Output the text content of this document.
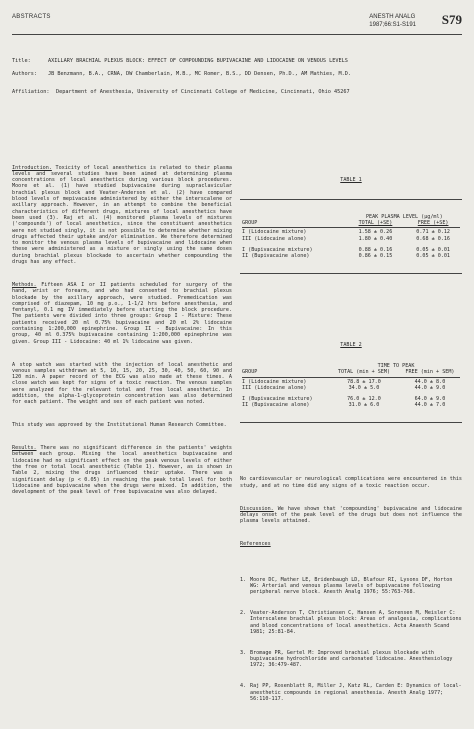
ABSTRACTS	ANESTH ANALG
1987;66:S1-S191 S79
Title:	AXILLARY BRACHIAL PLEXUS BLOCK: EFFECT OF COMPOUNDING BUPIVACAINE AND LIDOCAINE ON VENOUS LEVELS
Authors: JB Benzmann, B.A., CRNA, DW Chamberlain, M.B., MC Romer, B.S., DD Densen, Ph.D., AM Mathies, M.D.
Affiliation: Department of Anesthesia, University of Cincinnati College of Medicine, Cincinnati, Ohio 45267

Introduction. Toxicity of local anesthetics is related to their plasma levels and several studies have been aimed at determining plasma concentrations of local anesthetics during various block procedures. Moore et al. (1) have studied bupivacaine during supraclavicular brachial plexus block and Veater-Anderson et al. (2) have compared blood levels of mepivacaine administered by either the interscalene or axillary approach. However, in an attempt to combine the beneficial characteristics of different drugs, mixtures of local anesthetics have been used (3). Raj et al. (4) monitored plasma levels of mixtures ('compounds') of local anesthetics, since the constituent anesthetics were not studied singly, it is not possible to determine whether mixing drugs affected their uptake and/or elimination. We therefore determined to monitor the venous plasma levels of bupivacaine and lidocaine when these were administered as a mixture or singly using the same doses during brachial plexus blockade to ascertain whether compounding the drugs has any effect.

Methods. Fifteen ASA I or II patients scheduled for surgery of the hand, wrist or forearm, and who had consented to brachial plexus blockade by the axillary approach, were studied. Premedication was comprised of diazepam, 10 mg p.o., 1-1/2 hrs before anesthesia, and fentanyl, 0.1 mg IV immediately before starting the block procedure. The patients were divided into three groups: Group I - Mixture: These patients received 20 ml 0.75% bupivacaine and 20 ml 2% lidocaine containing 1:200,000 epinephrine. Group II - Bupivacaine: In this group, 40 ml 0.375% bupivacaine containing 1:200,000 epinephrine was given. Group III - Lidocaine: 40 ml 1% lidocaine was given.

A stop watch was started with the injection of local anesthetic and venous samples withdrawn at 5, 10, 15, 20, 25, 30, 40, 50, 60, 90 and 120 min. A paper record of the ECG was also made at these times. A close watch was kept for signs of a toxic reaction. The venous samples were analyzed for the relevant total and free local anesthetic. In addition, the alpha-1-glycoprotein concentration was also determined for each patient. The weight and sex of each patient was noted.

This study was approved by the Institutional Human Research Committee.

Results. There was no significant difference in the patients' weights between each group. Mixing the local anesthetics bupivacaine and lidocaine had no significant effect on the peak venous levels of either the free or total local anesthetic (Table 1). However, as is shown in Table 2, mixing the drugs influenced their uptake. There was a significant delay (p < 0.05) in reaching the peak total level for both lidocaine and bupivacaine when the drugs were mixed. In addition, the development of the peak level of free bupivacaine was also delayed.

TABLE 1

	PEAK PLASMA LEVEL (µg/ml)	
GROUP	TOTAL (+SE)	FREE (+SE)

I (Lidocaine mixture)	1.58 ± 0.26	0.71 ± 0.12
III (Lidocaine alone)	1.80 ± 0.40	0.68 ± 0.16

I (Bupivacaine mixture)	0.88 ± 0.16	0.05 ± 0.01
II (Bupivacaine alone)	0.86 ± 0.15	0.05 ± 0.01

TABLE 2

	TIME TO PEAK	
GROUP	TOTAL (min + SEM)	FREE (min + SEM)

I (Lidocaine mixture)	78.8 ± 17.0	44.0 ± 8.0
III (Lidocaine alone)	34.0 ± 5.0	44.0 ± 9.0

I (Bupivacaine mixture)	76.0 ± 12.0	64.0 ± 9.0
II (Bupivacaine alone)	31.0 ± 6.0	44.0 ± 7.0

No cardiovascular or neurological complications were encountered in this study, and at no time did any signs of a toxic reaction occur.

Discussion. We have shown that 'compounding' bupivacaine and lidocaine delays onset of the peak level of the drugs but does not influence the plasma levels attained.

References

1. Moore DC, Mather LE, Bridenbaugh LD, Blafour RI, Lysons DF, Horton WG: Arterial and venous plasma levels of bupivacaine following peripheral nerve block. Anesth Analg 1976; 55:763-768.

2. Veater-Anderson T, Christiansen C, Hansen A, Sorensen M, Meisler C: Interscalene brachial plexus block: Areas of analgesia, complications and blood concentrations of local anesthetics. Acta Anaesth Scand 1981; 25:81-84.

3. Bromage PR, Gertel M: Improved brachial plexus blockade with bupivacaine hydrochloride and carbonated lidocaine. Anesthesiology 1972; 36:479-487.

4. Raj PP, Rosenblatt R, Miller J, Katz RL, Carden E: Dynamics of local-anesthetic compounds in regional anesthesia. Anesth Analg 1977; 56:110-117.
